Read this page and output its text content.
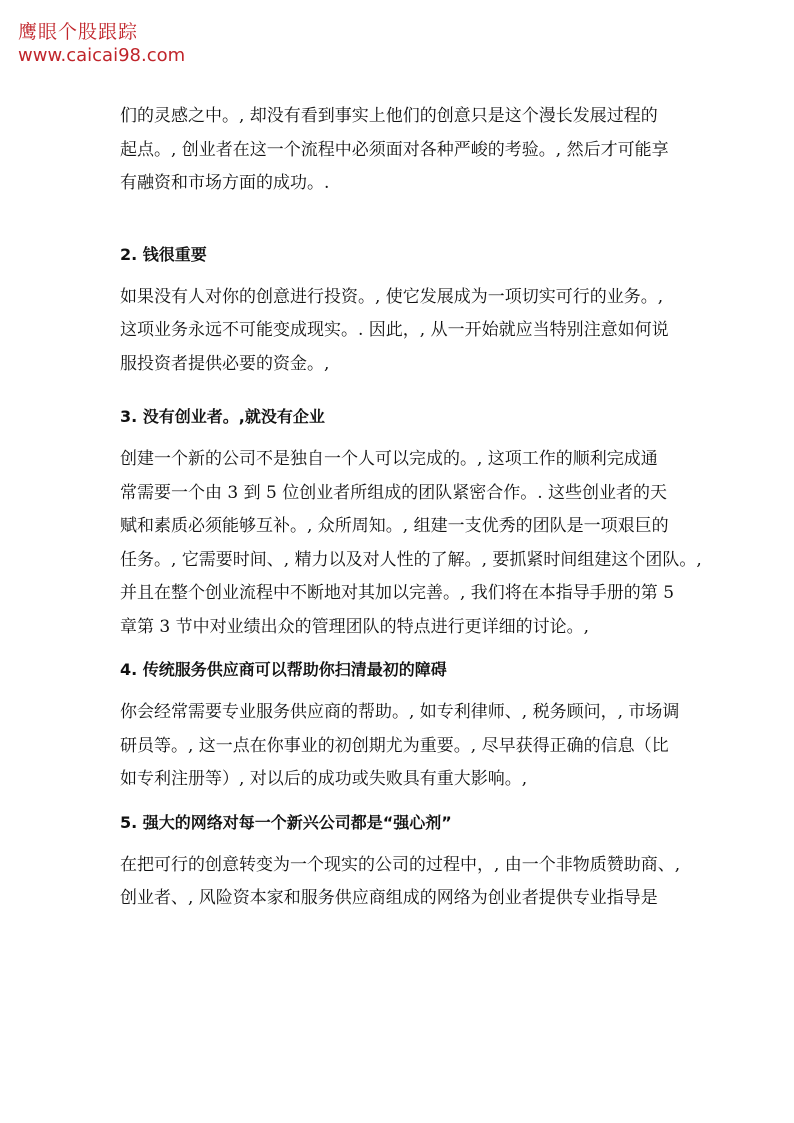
鹰眼个股跟踪
www.caicai98.com
们的灵感之中。, 却没有看到事实上他们的创意只是这个漫长发展过程的
起点。, 创业者在这一个流程中必须面对各种严峻的考验。, 然后才可能享
有融资和市场方面的成功。.
2. 钱很重要
如果没有人对你的创意进行投资。, 使它发展成为一项切实可行的业务。,
这项业务永远不可能变成现实。. 因此，, 从一开始就应当特别注意如何说
服投资者提供必要的资金。,
3. 没有创业者。,就没有企业
创建一个新的公司不是独自一个人可以完成的。, 这项工作的顺利完成通
常需要一个由 3 到 5 位创业者所组成的团队紧密合作。. 这些创业者的天
赋和素质必须能够互补。, 众所周知。, 组建一支优秀的团队是一项艰巨的
任务。, 它需要时间、, 精力以及对人性的了解。, 要抓紧时间组建这个团队。,
并且在整个创业流程中不断地对其加以完善。, 我们将在本指导手册的第 5
章第 3 节中对业绩出众的管理团队的特点进行更详细的讨论。,
4. 传统服务供应商可以帮助你扫清最初的障碍
你会经常需要专业服务供应商的帮助。, 如专利律师、, 税务顾问，, 市场调
研员等。, 这一点在你事业的初创期尤为重要。, 尽早获得正确的信息（比
如专利注册等）, 对以后的成功或失败具有重大影响。,
5. 强大的网络对每一个新兴公司都是“强心剂”
在把可行的创意转变为一个现实的公司的过程中，, 由一个非物质赞助商、,
创业者、, 风险资本家和服务供应商组成的网络为创业者提供专业指导是
